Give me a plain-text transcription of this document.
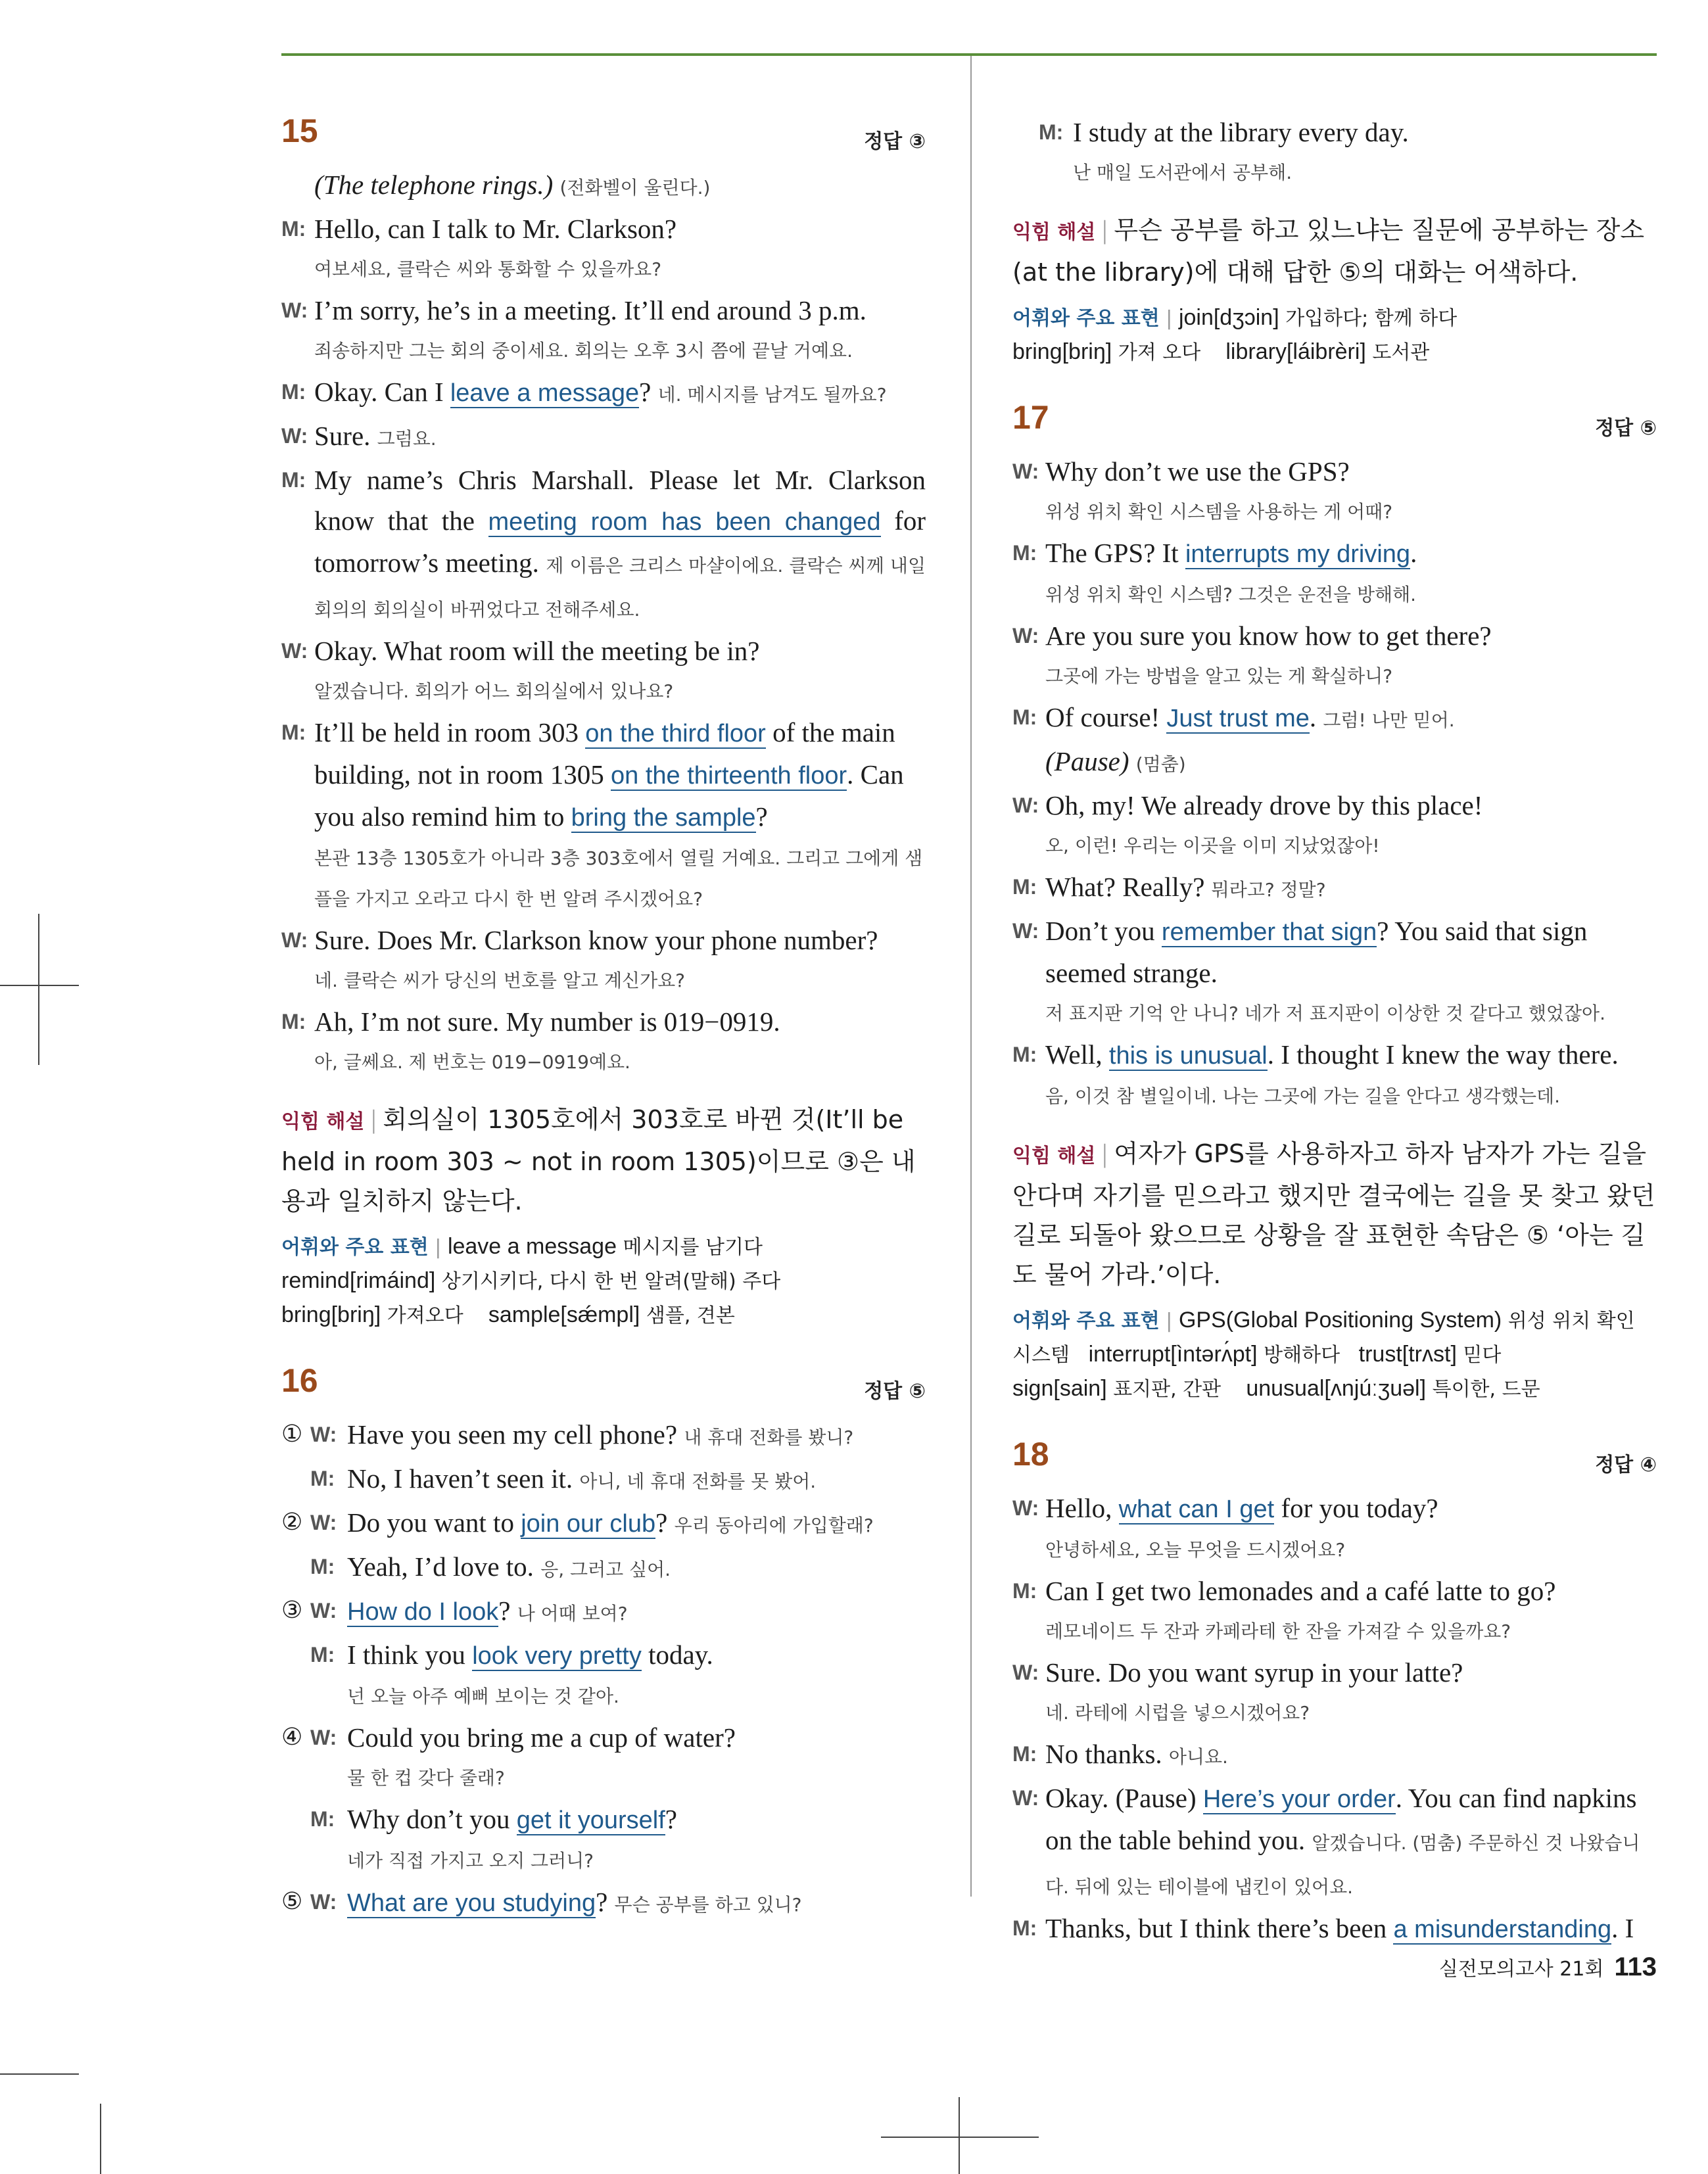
15	정답 ③
(The telephone rings.) (전화벨이 울린다.)
M: Hello, can I talk to Mr. Clarkson?
여보세요, 클락슨 씨와 통화할 수 있을까요?
W: I’m sorry, he’s in a meeting. It’ll end around 3 p.m.
죄송하지만 그는 회의 중이세요. 회의는 오후 3시 쯤에 끝날 거예요.
M: Okay. Can I leave a message? 네. 메시지를 남겨도 될까요?
W: Sure. 그럼요.
M: My name’s Chris Marshall. Please let Mr. Clarkson know that the meeting room has been changed for tomorrow’s meeting. 제 이름은 크리스 마샬이에요. 클락슨 씨께 내일 회의의 회의실이 바뀌었다고 전해주세요.
W: Okay. What room will the meeting be in?
알겠습니다. 회의가 어느 회의실에서 있나요?
M: It’ll be held in room 303 on the third floor of the main building, not in room 1305 on the thirteenth floor. Can you also remind him to bring the sample?
본관 13층 1305호가 아니라 3층 303호에서 열릴 거예요. 그리고 그에게 샘플을 가지고 오라고 다시 한 번 알려 주시겠어요?
W: Sure. Does Mr. Clarkson know your phone number?
네. 클락슨 씨가 당신의 번호를 알고 계신가요?
M: Ah, I’m not sure. My number is 019−0919.
아, 글쎄요. 제 번호는 019−0919예요.
익힘 해설 | 회의실이 1305호에서 303호로 바뀐 것(It’ll be held in room 303 ~ not in room 1305)이므로 ③은 내용과 일치하지 않는다.
어휘와 주요 표현 | leave a message 메시지를 남기다
remind[rimáind] 상기시키다, 다시 한 번 알려(말해) 주다
bring[briŋ] 가져오다 sample[sǽmpl] 샘플, 견본
16	정답 ⑤
① W: Have you seen my cell phone? 내 휴대 전화를 봤니?
M: No, I haven’t seen it. 아니, 네 휴대 전화를 못 봤어.
② W: Do you want to join our club? 우리 동아리에 가입할래?
M: Yeah, I’d love to. 응, 그러고 싶어.
③ W: How do I look? 나 어때 보여?
M: I think you look very pretty today.
넌 오늘 아주 예뻐 보이는 것 같아.
④ W: Could you bring me a cup of water?
물 한 컵 갖다 줄래?
M: Why don’t you get it yourself?
네가 직접 가지고 오지 그러니?
⑤ W: What are you studying? 무슨 공부를 하고 있니?
M: I study at the library every day.
난 매일 도서관에서 공부해.
익힘 해설 | 무슨 공부를 하고 있느냐는 질문에 공부하는 장소(at the library)에 대해 답한 ⑤의 대화는 어색하다.
어휘와 주요 표현 | join[dʒɔin] 가입하다; 함께 하다
bring[briŋ] 가져 오다 library[láibrèri] 도서관
17	정답 ⑤
W: Why don’t we use the GPS?
위성 위치 확인 시스템을 사용하는 게 어때?
M: The GPS? It interrupts my driving.
위성 위치 확인 시스템? 그것은 운전을 방해해.
W: Are you sure you know how to get there?
그곳에 가는 방법을 알고 있는 게 확실하니?
M: Of course! Just trust me. 그럼! 나만 믿어.
(Pause) (멈춤)
W: Oh, my! We already drove by this place!
오, 이런! 우리는 이곳을 이미 지났었잖아!
M: What? Really? 뭐라고? 정말?
W: Don’t you remember that sign? You said that sign seemed strange.
저 표지판 기억 안 나니? 네가 저 표지판이 이상한 것 같다고 했었잖아.
M: Well, this is unusual. I thought I knew the way there.
음, 이것 참 별일이네. 나는 그곳에 가는 길을 안다고 생각했는데.
익힘 해설 | 여자가 GPS를 사용하자고 하자 남자가 가는 길을 안다며 자기를 믿으라고 했지만 결국에는 길을 못 찾고 왔던 길로 되돌아 왔으므로 상황을 잘 표현한 속담은 ⑤ ‘아는 길도 물어 가라.’이다.
어휘와 주요 표현 | GPS(Global Positioning System) 위성 위치 확인 시스템 interrupt[ìntərʌ́pt] 방해하다 trust[trʌst] 믿다
sign[sain] 표지판, 간판 unusual[ʌnjúːʒuəl] 특이한, 드문
18	정답 ④
W: Hello, what can I get for you today?
안녕하세요, 오늘 무엇을 드시겠어요?
M: Can I get two lemonades and a café latte to go?
레모네이드 두 잔과 카페라테 한 잔을 가져갈 수 있을까요?
W: Sure. Do you want syrup in your latte?
네. 라테에 시럽을 넣으시겠어요?
M: No thanks. 아니요.
W: Okay. (Pause) Here’s your order. You can find napkins on the table behind you. 알겠습니다. (멈춤) 주문하신 것 나왔습니다. 뒤에 있는 테이블에 냅킨이 있어요.
M: Thanks, but I think there’s been a misunderstanding. I
실전모의고사 21회 113
